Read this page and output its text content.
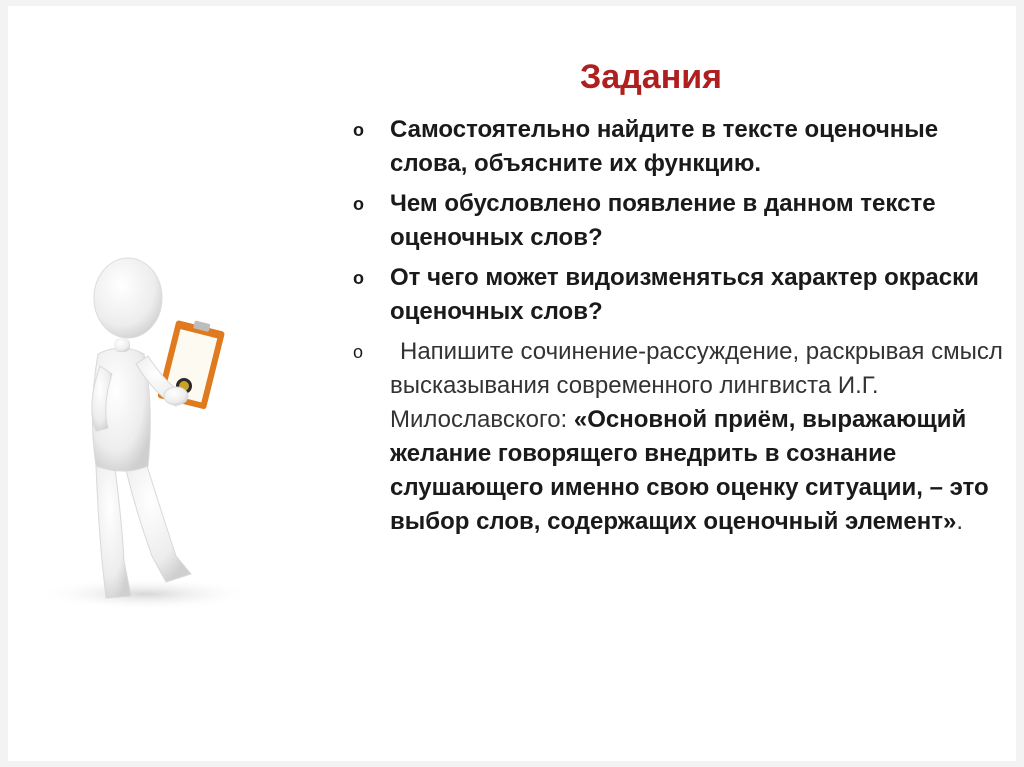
Задания
o Самостоятельно найдите в тексте оценочные слова, объясните их функцию.
o Чем обусловлено появление в данном тексте оценочных слов?
o От чего может видоизменяться характер окраски оценочных слов?
o Напишите сочинение-рассуждение, раскрывая смысл высказывания современного лингвиста И.Г. Милославского: «Основной приём, выражающий желание говорящего внедрить в сознание слушающего именно свою оценку ситуации, – это выбор слов, содержащих оценочный элемент».
